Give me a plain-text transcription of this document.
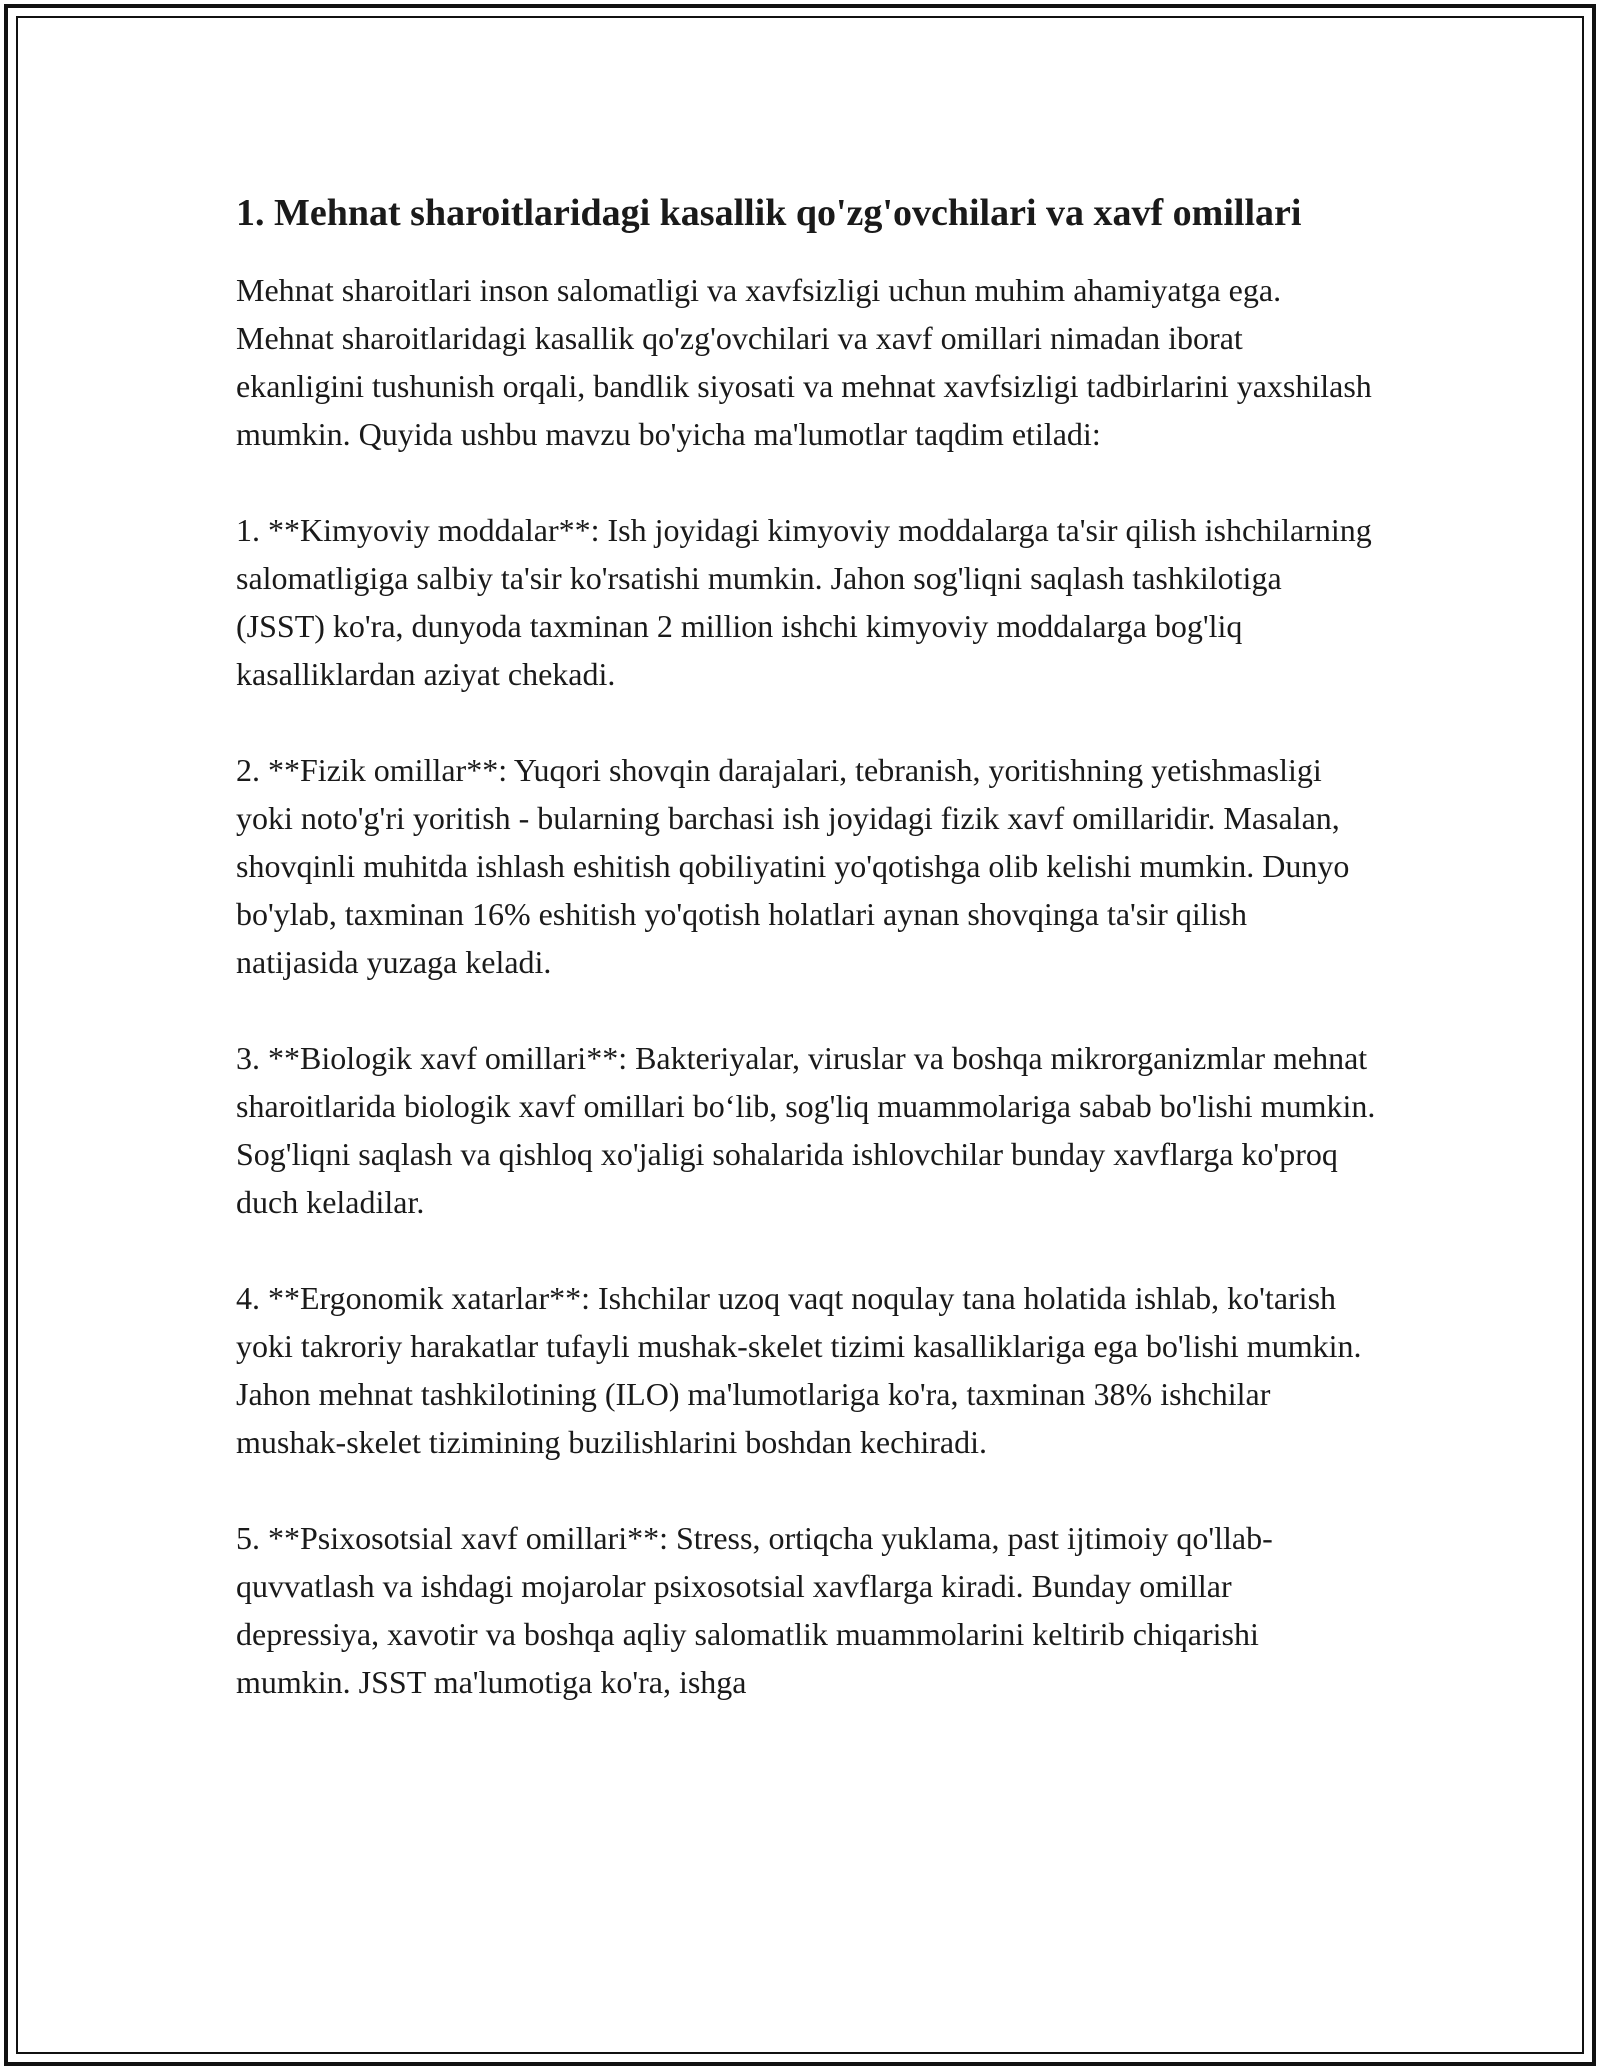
1. Mehnat sharoitlaridagi kasallik qo'zg'ovchilari va xavf omillari

Mehnat sharoitlari inson salomatligi va xavfsizligi uchun muhim ahamiyatga ega. Mehnat sharoitlaridagi kasallik qo'zg'ovchilari va xavf omillari nimadan iborat ekanligini tushunish orqali, bandlik siyosati va mehnat xavfsizligi tadbirlarini yaxshilash mumkin. Quyida ushbu mavzu bo'yicha ma'lumotlar taqdim etiladi:

1. **Kimyoviy moddalar**: Ish joyidagi kimyoviy moddalarga ta'sir qilish ishchilarning salomatligiga salbiy ta'sir ko'rsatishi mumkin. Jahon sog'liqni saqlash tashkilotiga (JSST) ko'ra, dunyoda taxminan 2 million ishchi kimyoviy moddalarga bog'liq kasalliklardan aziyat chekadi.

2. **Fizik omillar**: Yuqori shovqin darajalari, tebranish, yoritishning yetishmasligi yoki noto'g'ri yoritish - bularning barchasi ish joyidagi fizik xavf omillaridir. Masalan, shovqinli muhitda ishlash eshitish qobiliyatini yo'qotishga olib kelishi mumkin. Dunyo bo'ylab, taxminan 16% eshitish yo'qotish holatlari aynan shovqinga ta'sir qilish natijasida yuzaga keladi.

3. **Biologik xavf omillari**: Bakteriyalar, viruslar va boshqa mikrorganizmlar mehnat sharoitlarida biologik xavf omillari bo‘lib, sog'liq muammolariga sabab bo'lishi mumkin. Sog'liqni saqlash va qishloq xo'jaligi sohalarida ishlovchilar bunday xavflarga ko'proq duch keladilar.

4. **Ergonomik xatarlar**: Ishchilar uzoq vaqt noqulay tana holatida ishlab, ko'tarish yoki takroriy harakatlar tufayli mushak-skelet tizimi kasalliklariga ega bo'lishi mumkin. Jahon mehnat tashkilotining (ILO) ma'lumotlariga ko'ra, taxminan 38% ishchilar mushak-skelet tizimining buzilishlarini boshdan kechiradi.

5. **Psixosotsial xavf omillari**: Stress, ortiqcha yuklama, past ijtimoiy qo'llab-quvvatlash va ishdagi mojarolar psixosotsial xavflarga kiradi. Bunday omillar depressiya, xavotir va boshqa aqliy salomatlik muammolarini keltirib chiqarishi mumkin. JSST ma'lumotiga ko'ra, ishga
